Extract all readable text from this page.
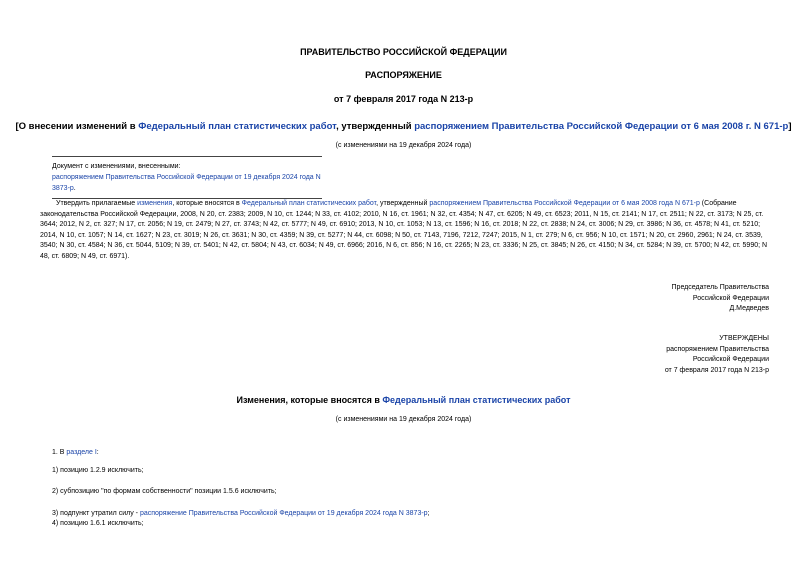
ПРАВИТЕЛЬСТВО РОССИЙСКОЙ ФЕДЕРАЦИИ
РАСПОРЯЖЕНИЕ
от 7 февраля 2017 года N 213-р
[О внесении изменений в Федеральный план статистических работ, утвержденный распоряжением Правительства Российской Федерации от 6 мая 2008 г. N 671-р]
(с изменениями на 19 декабря 2024 года)
Документ с изменениями, внесенными:
распоряжением Правительства Российской Федерации от 19 декабря 2024 года N 3873-р.
Утвердить прилагаемые изменения, которые вносятся в Федеральный план статистических работ, утвержденный распоряжением Правительства Российской Федерации от 6 мая 2008 года N 671-р (Собрание законодательства Российской Федерации, 2008, N 20, ст. 2383; 2009, N 10, ст. 1244; N 33, ст. 4102; 2010, N 16, ст. 1961; N 32, ст. 4354; N 47, ст. 6205; N 49, ст. 6523; 2011, N 15, ст. 2141; N 17, ст. 2511; N 22, ст. 3173; N 25, ст. 3644; 2012, N 2, ст. 327; N 17, ст. 2056; N 19, ст. 2479; N 27, ст. 3743; N 42, ст. 5777; N 49, ст. 6910; 2013, N 10, ст. 1053; N 13, ст. 1596; N 16, ст. 2018; N 22, ст. 2838; N 24, ст. 3006; N 29, ст. 3986; N 36, ст. 4578; N 41, ст. 5210; 2014, N 10, ст. 1057; N 14, ст. 1627; N 23, ст. 3019; N 26, ст. 3631; N 30, ст. 4359; N 39, ст. 5277; N 44, ст. 6098; N 50, ст. 7143, 7196, 7212, 7247; 2015, N 1, ст. 279; N 6, ст. 956; N 10, ст. 1571; N 20, ст. 2960, 2961; N 24, ст. 3539, 3540; N 30, ст. 4584; N 36, ст. 5044, 5109; N 39, ст. 5401; N 42, ст. 5804; N 43, ст. 6034; N 49, ст. 6966; 2016, N 6, ст. 856; N 16, ст. 2265; N 23, ст. 3336; N 25, ст. 3845; N 26, ст. 4150; N 34, ст. 5284; N 39, ст. 5700; N 42, ст. 5990; N 48, ст. 6809; N 49, ст. 6971).
Председатель Правительства
Российской Федерации
Д.Медведев
УТВЕРЖДЕНЫ
распоряжением Правительства
Российской Федерации
от 7 февраля 2017 года N 213-р
Изменения, которые вносятся в Федеральный план статистических работ
(с изменениями на 19 декабря 2024 года)
1. В разделе I:
1) позицию 1.2.9 исключить;
2) субпозицию "по формам собственности" позиции 1.5.6 исключить;
3) подпункт утратил силу - распоряжение Правительства Российской Федерации от 19 декабря 2024 года N 3873-р;
4) позицию 1.6.1 исключить;
